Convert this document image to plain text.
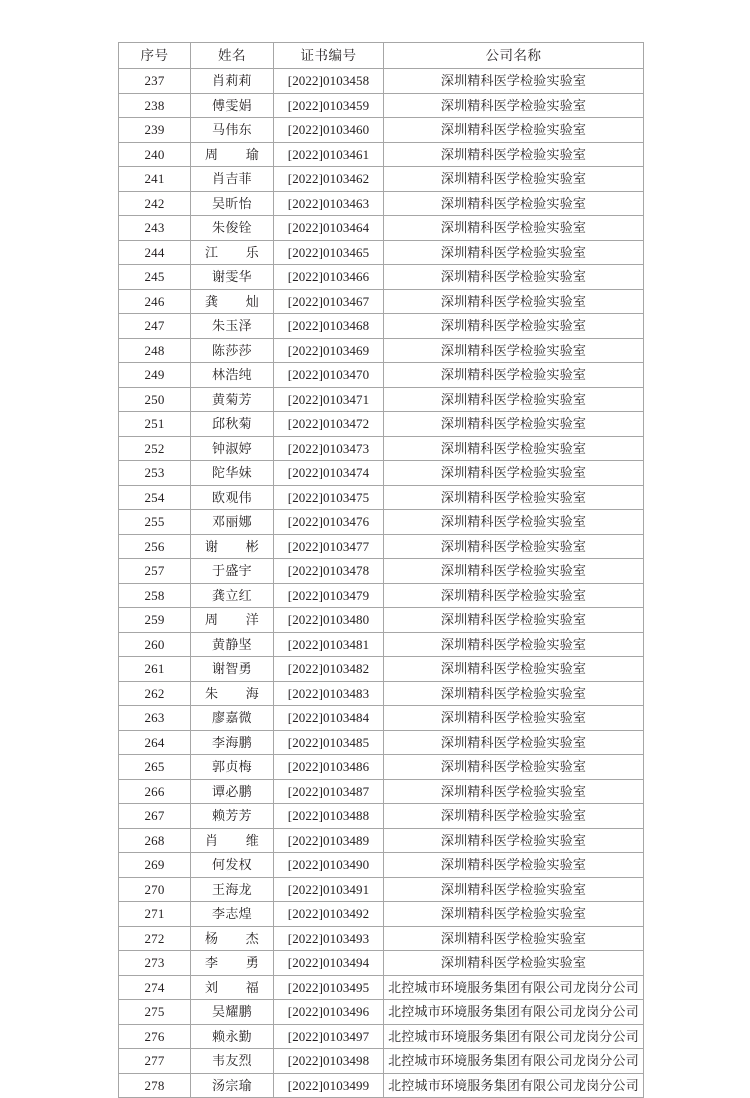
序号	姓名	证书编号	公司名称
237	肖莉莉	[2022]0103458	深圳精科医学检验实验室
238	傅雯娟	[2022]0103459	深圳精科医学检验实验室
239	马伟东	[2022]0103460	深圳精科医学检验实验室
240	周瑜	[2022]0103461	深圳精科医学检验实验室
241	肖吉菲	[2022]0103462	深圳精科医学检验实验室
242	吴昕怡	[2022]0103463	深圳精科医学检验实验室
243	朱俊铨	[2022]0103464	深圳精科医学检验实验室
244	江乐	[2022]0103465	深圳精科医学检验实验室
245	谢雯华	[2022]0103466	深圳精科医学检验实验室
246	龚灿	[2022]0103467	深圳精科医学检验实验室
247	朱玉泽	[2022]0103468	深圳精科医学检验实验室
248	陈莎莎	[2022]0103469	深圳精科医学检验实验室
249	林浩纯	[2022]0103470	深圳精科医学检验实验室
250	黄菊芳	[2022]0103471	深圳精科医学检验实验室
251	邱秋菊	[2022]0103472	深圳精科医学检验实验室
252	钟淑婷	[2022]0103473	深圳精科医学检验实验室
253	陀华妹	[2022]0103474	深圳精科医学检验实验室
254	欧观伟	[2022]0103475	深圳精科医学检验实验室
255	邓丽娜	[2022]0103476	深圳精科医学检验实验室
256	谢彬	[2022]0103477	深圳精科医学检验实验室
257	于盛宇	[2022]0103478	深圳精科医学检验实验室
258	龚立红	[2022]0103479	深圳精科医学检验实验室
259	周洋	[2022]0103480	深圳精科医学检验实验室
260	黄静坚	[2022]0103481	深圳精科医学检验实验室
261	谢智勇	[2022]0103482	深圳精科医学检验实验室
262	朱海	[2022]0103483	深圳精科医学检验实验室
263	廖嘉微	[2022]0103484	深圳精科医学检验实验室
264	李海鹏	[2022]0103485	深圳精科医学检验实验室
265	郭贞梅	[2022]0103486	深圳精科医学检验实验室
266	谭必鹏	[2022]0103487	深圳精科医学检验实验室
267	赖芳芳	[2022]0103488	深圳精科医学检验实验室
268	肖维	[2022]0103489	深圳精科医学检验实验室
269	何发权	[2022]0103490	深圳精科医学检验实验室
270	王海龙	[2022]0103491	深圳精科医学检验实验室
271	李志煌	[2022]0103492	深圳精科医学检验实验室
272	杨杰	[2022]0103493	深圳精科医学检验实验室
273	李勇	[2022]0103494	深圳精科医学检验实验室
274	刘福	[2022]0103495	北控城市环境服务集团有限公司龙岗分公司
275	吴耀鹏	[2022]0103496	北控城市环境服务集团有限公司龙岗分公司
276	赖永勤	[2022]0103497	北控城市环境服务集团有限公司龙岗分公司
277	韦友烈	[2022]0103498	北控城市环境服务集团有限公司龙岗分公司
278	汤宗瑜	[2022]0103499	北控城市环境服务集团有限公司龙岗分公司
